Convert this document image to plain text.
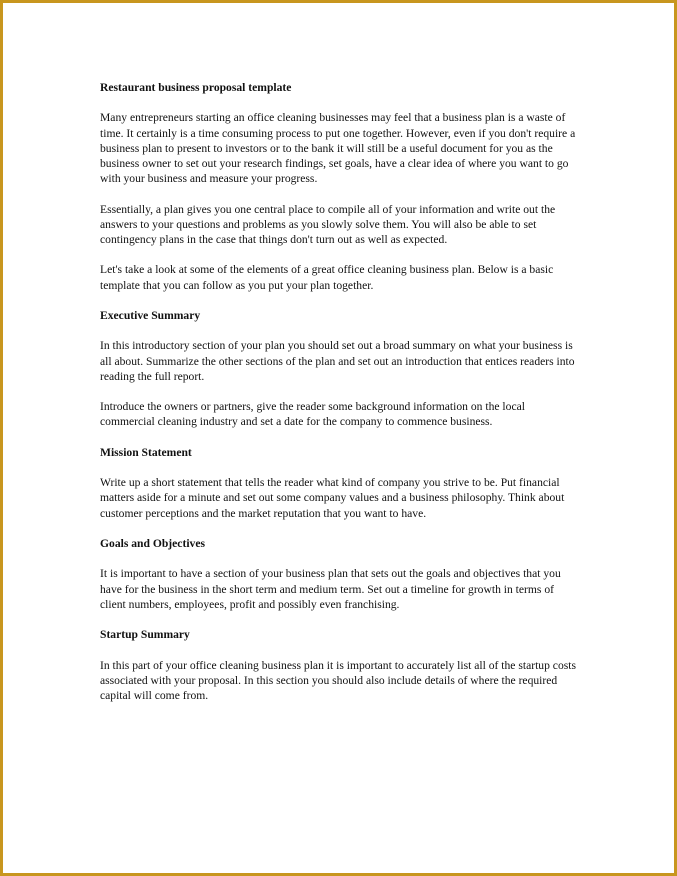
Restaurant business proposal template

Many entrepreneurs starting an office cleaning businesses may feel that a business plan is a waste of time. It certainly is a time consuming process to put one together. However, even if you don't require a business plan to present to investors or to the bank it will still be a useful document for you as the business owner to set out your research findings, set goals, have a clear idea of where you want to go with your business and measure your progress.

Essentially, a plan gives you one central place to compile all of your information and write out the answers to your questions and problems as you slowly solve them. You will also be able to set contingency plans in the case that things don't turn out as well as expected.

Let's take a look at some of the elements of a great office cleaning business plan. Below is a basic template that you can follow as you put your plan together.

Executive Summary

In this introductory section of your plan you should set out a broad summary on what your business is all about. Summarize the other sections of the plan and set out an introduction that entices readers into reading the full report.

Introduce the owners or partners, give the reader some background information on the local commercial cleaning industry and set a date for the company to commence business.

Mission Statement

Write up a short statement that tells the reader what kind of company you strive to be. Put financial matters aside for a minute and set out some company values and a business philosophy. Think about customer perceptions and the market reputation that you want to have.

Goals and Objectives

It is important to have a section of your business plan that sets out the goals and objectives that you have for the business in the short term and medium term. Set out a timeline for growth in terms of client numbers, employees, profit and possibly even franchising.

Startup Summary

In this part of your office cleaning business plan it is important to accurately list all of the startup costs associated with your proposal. In this section you should also include details of where the required capital will come from.
